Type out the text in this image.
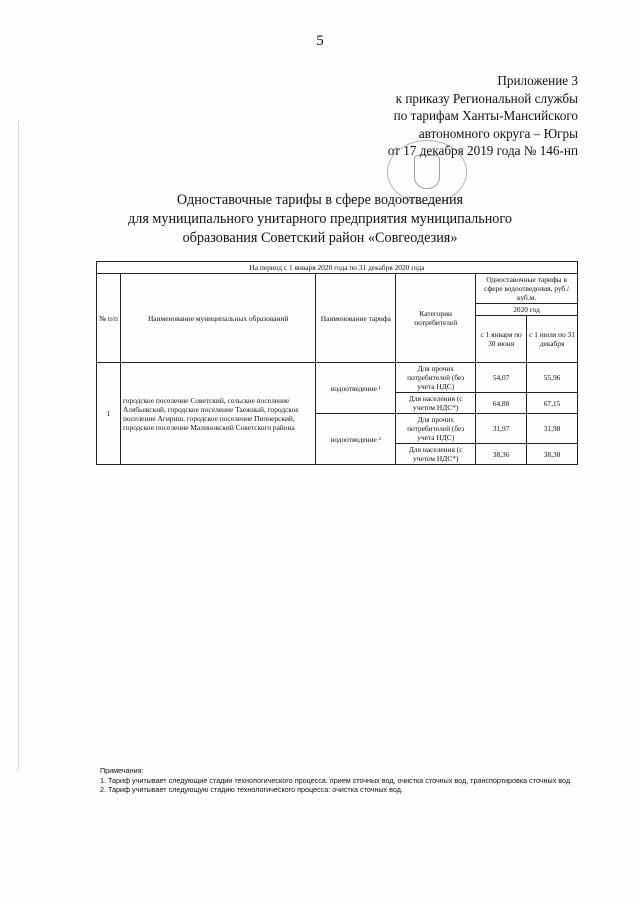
5
Приложение 3
к приказу Региональной службы
по тарифам Ханты-Мансийского
автономного округа – Югры
от 17 декабря 2019 года № 146-нп
Одноставочные тарифы в сфере водоотведения
для муниципального унитарного предприятия муниципального
образования Советский район «Совгеодезия»
На период с 1 января 2020 года по 31 декабря 2020 года					
№ п/п	Наименование муниципальных образований	Наименование тарифа	Категории потребителей	Одноставочные тарифы в сфере водоотведения, руб./куб.м.	
				2020 год	
				с 1 января по 30 июня	с 1 июля по 31 декабря
1	городское поселение Советский, сельское поселение Алябьевский, городское поселение Таежный, городское поселение Агириш, городское поселение Пионерский, городское поселение Малиновский Советского района	водоотведение ¹	Для прочих потребителей (без учета НДС)	54,07	55,96
			Для населения (с учетом НДС*)	64,88	67,15
		водоотведение ²	Для прочих потребителей (без учета НДС)	31,97	31,98
			Для населения (с учетом НДС*)	38,36	38,38

Примечания:

1. Тариф учитывает следующие стадии технологического процесса: прием сточных вод, очистка сточных вод, транспортировка сточных вод.

2. Тариф учитывает следующую стадию технологического процесса: очистка сточных вод.
